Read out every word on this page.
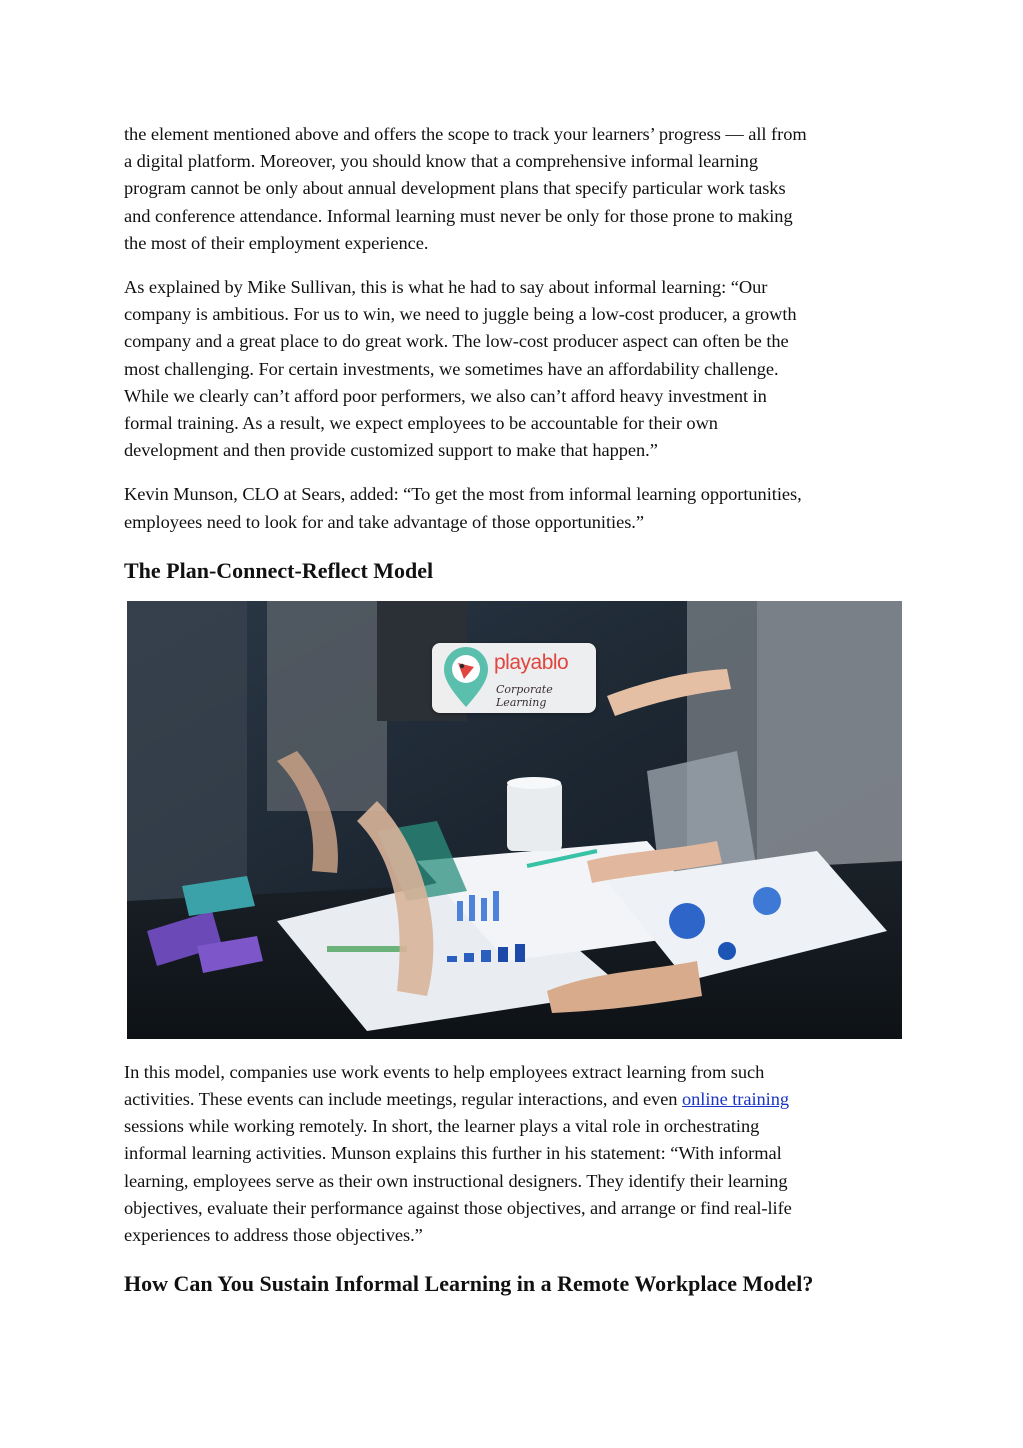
the element mentioned above and offers the scope to track your learners’ progress — all from
a digital platform. Moreover, you should know that a comprehensive informal learning
program cannot be only about annual development plans that specify particular work tasks
and conference attendance. Informal learning must never be only for those prone to making
the most of their employment experience.

As explained by Mike Sullivan, this is what he had to say about informal learning: “Our
company is ambitious. For us to win, we need to juggle being a low-cost producer, a growth
company and a great place to do great work. The low-cost producer aspect can often be the
most challenging. For certain investments, we sometimes have an affordability challenge.
While we clearly can’t afford poor performers, we also can’t afford heavy investment in
formal training. As a result, we expect employees to be accountable for their own
development and then provide customized support to make that happen.”

Kevin Munson, CLO at Sears, added: “To get the most from informal learning opportunities,
employees need to look for and take advantage of those opportunities.”

The Plan-Connect-Reflect Model
playablo
Corporate Learning

In this model, companies use work events to help employees extract learning from such
activities. These events can include meetings, regular interactions, and even online training
sessions while working remotely. In short, the learner plays a vital role in orchestrating
informal learning activities. Munson explains this further in his statement: “With informal
learning, employees serve as their own instructional designers. They identify their learning
objectives, evaluate their performance against those objectives, and arrange or find real-life
experiences to address those objectives.”

How Can You Sustain Informal Learning in a Remote Workplace Model?
